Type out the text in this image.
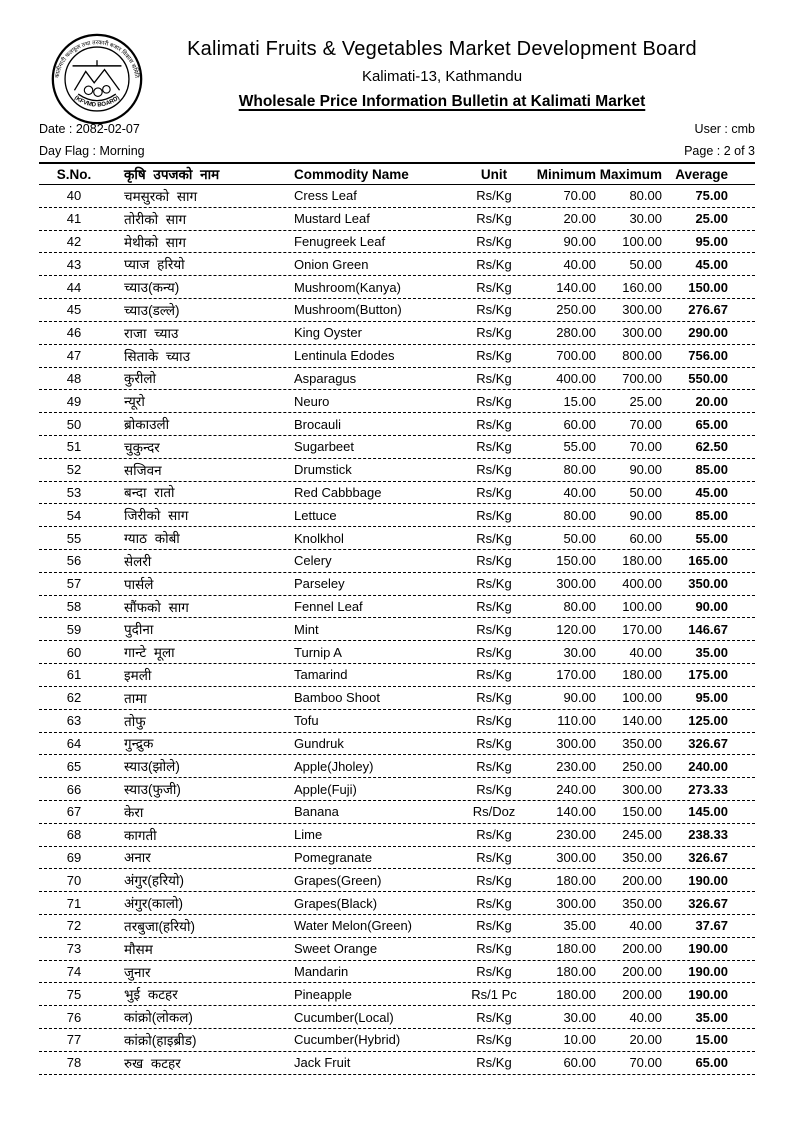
कालीमाटी फलफूल तथा तरकारी बजार विकास समिति
(KFVMD BOARD)
Kalimati Fruits & Vegetables Market Development Board
Kalimati-13, Kathmandu
Wholesale Price Information Bulletin at Kalimati Market
Date : 2082-02-07	User : cmb
Day Flag : Morning	Page : 2 of 3
S.No.	कृषि उपजको नाम	Commodity Name	Unit	Minimum Maximum Average
40	चमसुरको साग	Cress Leaf	Rs/Kg	70.00	80.00	75.00
41	तोरीको साग	Mustard Leaf	Rs/Kg	20.00	30.00	25.00
42	मेथीको साग	Fenugreek Leaf	Rs/Kg	90.00	100.00	95.00
43	प्याज हरियो	Onion Green	Rs/Kg	40.00	50.00	45.00
44	च्याउ(कन्य)	Mushroom(Kanya)	Rs/Kg	140.00	160.00	150.00
45	च्याउ(डल्ले)	Mushroom(Button)	Rs/Kg	250.00	300.00	276.67
46	राजा च्याउ	King Oyster	Rs/Kg	280.00	300.00	290.00
47	सिताके च्याउ	Lentinula Edodes	Rs/Kg	700.00	800.00	756.00
48	कुरीलो	Asparagus	Rs/Kg	400.00	700.00	550.00
49	न्यूरो	Neuro	Rs/Kg	15.00	25.00	20.00
50	ब्रोकाउली	Brocauli	Rs/Kg	60.00	70.00	65.00
51	चुकुन्दर	Sugarbeet	Rs/Kg	55.00	70.00	62.50
52	सजिवन	Drumstick	Rs/Kg	80.00	90.00	85.00
53	बन्दा रातो	Red Cabbbage	Rs/Kg	40.00	50.00	45.00
54	जिरीको साग	Lettuce	Rs/Kg	80.00	90.00	85.00
55	ग्याठ कोबी	Knolkhol	Rs/Kg	50.00	60.00	55.00
56	सेलरी	Celery	Rs/Kg	150.00	180.00	165.00
57	पार्सले	Parseley	Rs/Kg	300.00	400.00	350.00
58	सौंफको साग	Fennel Leaf	Rs/Kg	80.00	100.00	90.00
59	पुदीना	Mint	Rs/Kg	120.00	170.00	146.67
60	गान्टे मूला	Turnip A	Rs/Kg	30.00	40.00	35.00
61	इमली	Tamarind	Rs/Kg	170.00	180.00	175.00
62	तामा	Bamboo Shoot	Rs/Kg	90.00	100.00	95.00
63	तोफु	Tofu	Rs/Kg	110.00	140.00	125.00
64	गुन्द्रुक	Gundruk	Rs/Kg	300.00	350.00	326.67
65	स्याउ(झोले)	Apple(Jholey)	Rs/Kg	230.00	250.00	240.00
66	स्याउ(फुजी)	Apple(Fuji)	Rs/Kg	240.00	300.00	273.33
67	केरा	Banana	Rs/Doz	140.00	150.00	145.00
68	कागती	Lime	Rs/Kg	230.00	245.00	238.33
69	अनार	Pomegranate	Rs/Kg	300.00	350.00	326.67
70	अंगुर(हरियो)	Grapes(Green)	Rs/Kg	180.00	200.00	190.00
71	अंगुर(कालो)	Grapes(Black)	Rs/Kg	300.00	350.00	326.67
72	तरबुजा(हरियो)	Water Melon(Green)	Rs/Kg	35.00	40.00	37.67
73	मौसम	Sweet Orange	Rs/Kg	180.00	200.00	190.00
74	जुनार	Mandarin	Rs/Kg	180.00	200.00	190.00
75	भुई कटहर	Pineapple	Rs/1 Pc	180.00	200.00	190.00
76	कांक्रो(लोकल)	Cucumber(Local)	Rs/Kg	30.00	40.00	35.00
77	कांक्रो(हाइब्रीड)	Cucumber(Hybrid)	Rs/Kg	10.00	20.00	15.00
78	रुख कटहर	Jack Fruit	Rs/Kg	60.00	70.00	65.00
